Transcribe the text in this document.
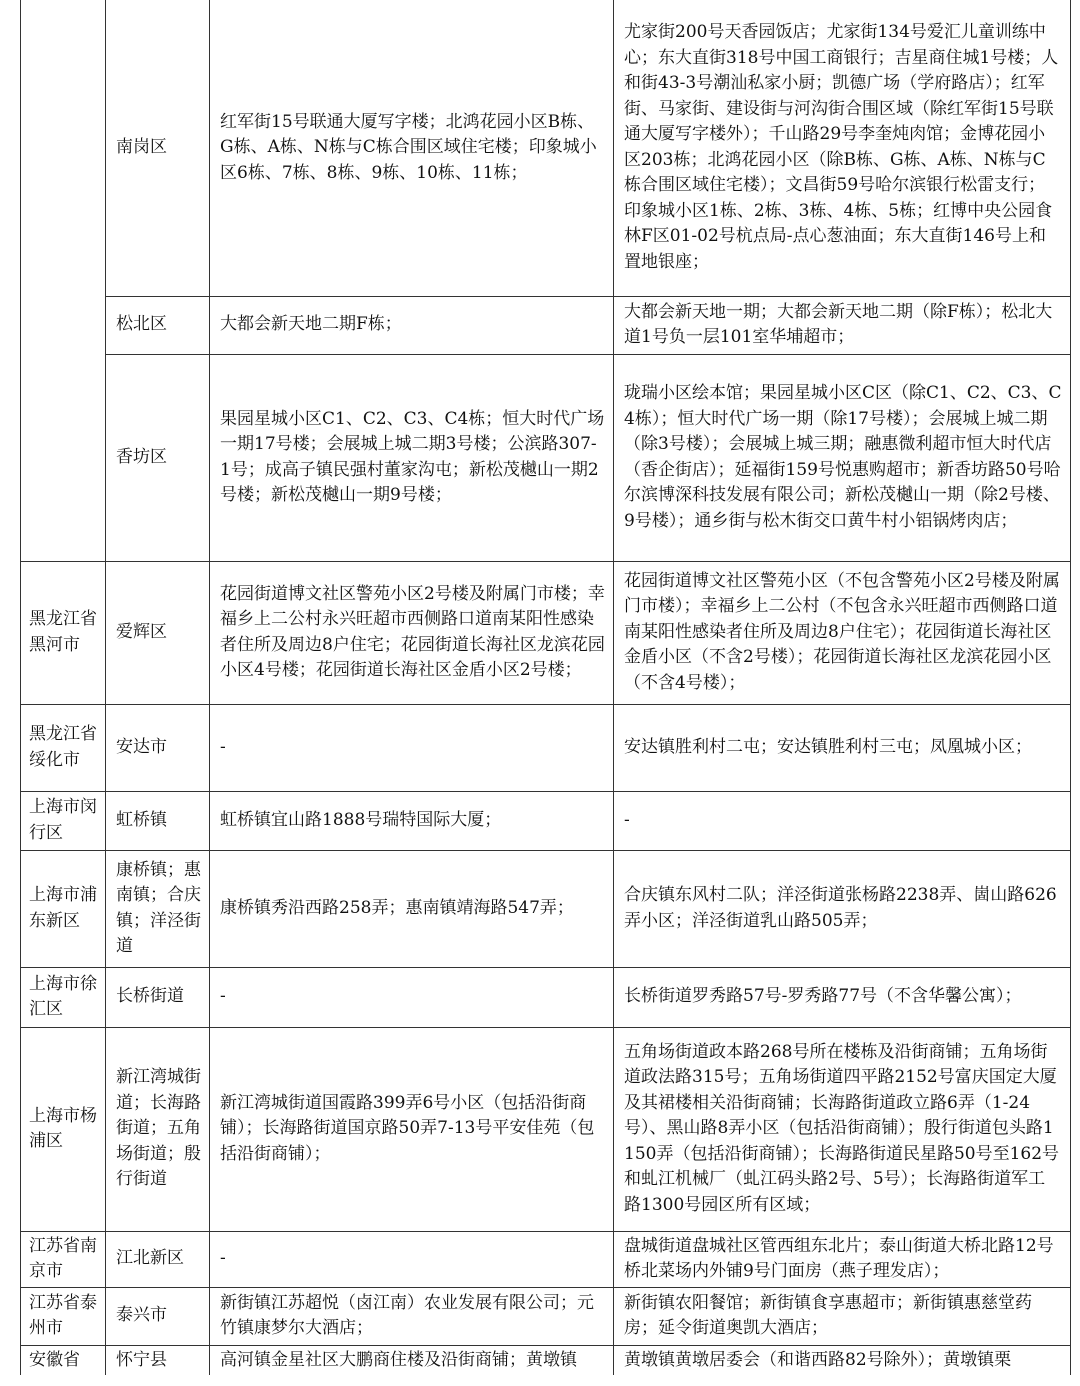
	南岗区	红军街15号联通大厦写字楼；北鸿花园小区B栋、G栋、A栋、N栋与C栋合围区域住宅楼；印象城小区6栋、7栋、8栋、9栋、10栋、11栋；	尤家街200号天香园饭店；尤家街134号爱汇儿童训练中心；东大直街318号中国工商银行；吉星商住城1号楼；人和街43-3号潮汕私家小厨；凯德广场（学府路店）；红军街、马家街、建设街与河沟街合围区域（除红军街15号联通大厦写字楼外）；千山路29号李奎炖肉馆；金博花园小区203栋；北鸿花园小区（除B栋、G栋、A栋、N栋与C栋合围区域住宅楼）；文昌街59号哈尔滨银行松雷支行；印象城小区1栋、2栋、3栋、4栋、5栋；红博中央公园食林F区01-02号杭点局-点心葱油面；东大直街146号上和置地银座；
	松北区	大都会新天地二期F栋；	大都会新天地一期；大都会新天地二期（除F栋）；松北大道1号负一层101室华埔超市；
	香坊区	果园星城小区C1、C2、C3、C4栋；恒大时代广场一期17号楼；会展城上城二期3号楼；公滨路307-1号；成高子镇民强村董家沟屯；新松茂樾山一期2号楼；新松茂樾山一期9号楼；	珑瑞小区绘本馆；果园星城小区C区（除C1、C2、C3、C4栋）；恒大时代广场一期（除17号楼）；会展城上城二期（除3号楼）；会展城上城三期；融惠微利超市恒大时代店（香企街店）；延福街159号悦惠购超市；新香坊路50号哈尔滨博深科技发展有限公司；新松茂樾山一期（除2号楼、9号楼）；通乡街与松木街交口黄牛村小铝锅烤肉店；
黑龙江省黑河市	爱辉区	花园街道博文社区警苑小区2号楼及附属门市楼；幸福乡上二公村永兴旺超市西侧路口道南某阳性感染者住所及周边8户住宅；花园街道长海社区龙滨花园小区4号楼；花园街道长海社区金盾小区2号楼；	花园街道博文社区警苑小区（不包含警苑小区2号楼及附属门市楼）；幸福乡上二公村（不包含永兴旺超市西侧路口道南某阳性感染者住所及周边8户住宅）；花园街道长海社区金盾小区（不含2号楼）；花园街道长海社区龙滨花园小区（不含4号楼）；
黑龙江省绥化市	安达市	-	安达镇胜利村二屯；安达镇胜利村三屯；凤凰城小区；
上海市闵行区	虹桥镇	虹桥镇宜山路1888号瑞特国际大厦；	-
上海市浦东新区	康桥镇；惠南镇；合庆镇；洋泾街道	康桥镇秀沿西路258弄；惠南镇靖海路547弄；	合庆镇东风村二队；洋泾街道张杨路2238弄、崮山路626弄小区；洋泾街道乳山路505弄；
上海市徐汇区	长桥街道	-	长桥街道罗秀路57号-罗秀路77号（不含华馨公寓）；
上海市杨浦区	新江湾城街道；长海路街道；五角场街道；殷行街道	新江湾城街道国霞路399弄6号小区（包括沿街商铺）；长海路街道国京路50弄7-13号平安佳苑（包括沿街商铺）；	五角场街道政本路268号所在楼栋及沿街商铺；五角场街道政法路315号；五角场街道四平路2152号富庆国定大厦及其裙楼相关沿街商铺；长海路街道政立路6弄（1-24号）、黑山路8弄小区（包括沿街商铺）；殷行街道包头路1150弄（包括沿街商铺）；长海路街道民星路50号至162号和虬江机械厂（虬江码头路2号、5号）；长海路街道军工路1300号园区所有区域；
江苏省南京市	江北新区	-	盘城街道盘城社区管西组东北片；泰山街道大桥北路12号桥北菜场内外铺9号门面房（燕子理发店）；
江苏省泰州市	泰兴市	新街镇江苏超悦（卤江南）农业发展有限公司；元竹镇康梦尔大酒店；	新街镇农阳餐馆；新街镇食享惠超市；新街镇惠慈堂药房；延令街道奥凯大酒店；
安徽省	怀宁县	高河镇金星社区大鹏商住楼及沿街商铺；黄墩镇	黄墩镇黄墩居委会（和谐西路82号除外）；黄墩镇栗
